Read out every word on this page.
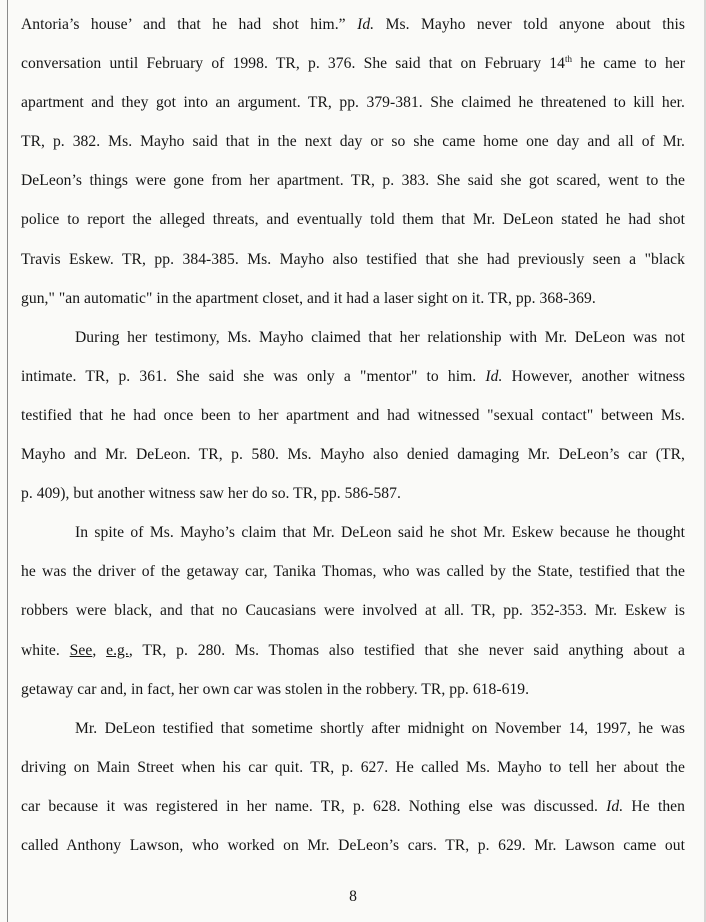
Antoria’s house’ and that he had shot him.” Id. Ms. Mayho never told anyone about this
conversation until February of 1998. TR, p. 376. She said that on February 14th he came to her
apartment and they got into an argument. TR, pp. 379-381. She claimed he threatened to kill her.
TR, p. 382. Ms. Mayho said that in the next day or so she came home one day and all of Mr.
DeLeon’s things were gone from her apartment. TR, p. 383. She said she got scared, went to the
police to report the alleged threats, and eventually told them that Mr. DeLeon stated he had shot
Travis Eskew. TR, pp. 384-385. Ms. Mayho also testified that she had previously seen a "black
gun," "an automatic" in the apartment closet, and it had a laser sight on it. TR, pp. 368-369.
During her testimony, Ms. Mayho claimed that her relationship with Mr. DeLeon was not
intimate. TR, p. 361. She said she was only a "mentor" to him. Id. However, another witness
testified that he had once been to her apartment and had witnessed "sexual contact" between Ms.
Mayho and Mr. DeLeon. TR, p. 580. Ms. Mayho also denied damaging Mr. DeLeon’s car (TR,
p. 409), but another witness saw her do so. TR, pp. 586-587.
In spite of Ms. Mayho’s claim that Mr. DeLeon said he shot Mr. Eskew because he thought
he was the driver of the getaway car, Tanika Thomas, who was called by the State, testified that the
robbers were black, and that no Caucasians were involved at all. TR, pp. 352-353. Mr. Eskew is
white. See, e.g., TR, p. 280. Ms. Thomas also testified that she never said anything about a
getaway car and, in fact, her own car was stolen in the robbery. TR, pp. 618-619.
Mr. DeLeon testified that sometime shortly after midnight on November 14, 1997, he was
driving on Main Street when his car quit. TR, p. 627. He called Ms. Mayho to tell her about the
car because it was registered in her name. TR, p. 628. Nothing else was discussed. Id. He then
called Anthony Lawson, who worked on Mr. DeLeon’s cars. TR, p. 629. Mr. Lawson came out
8
